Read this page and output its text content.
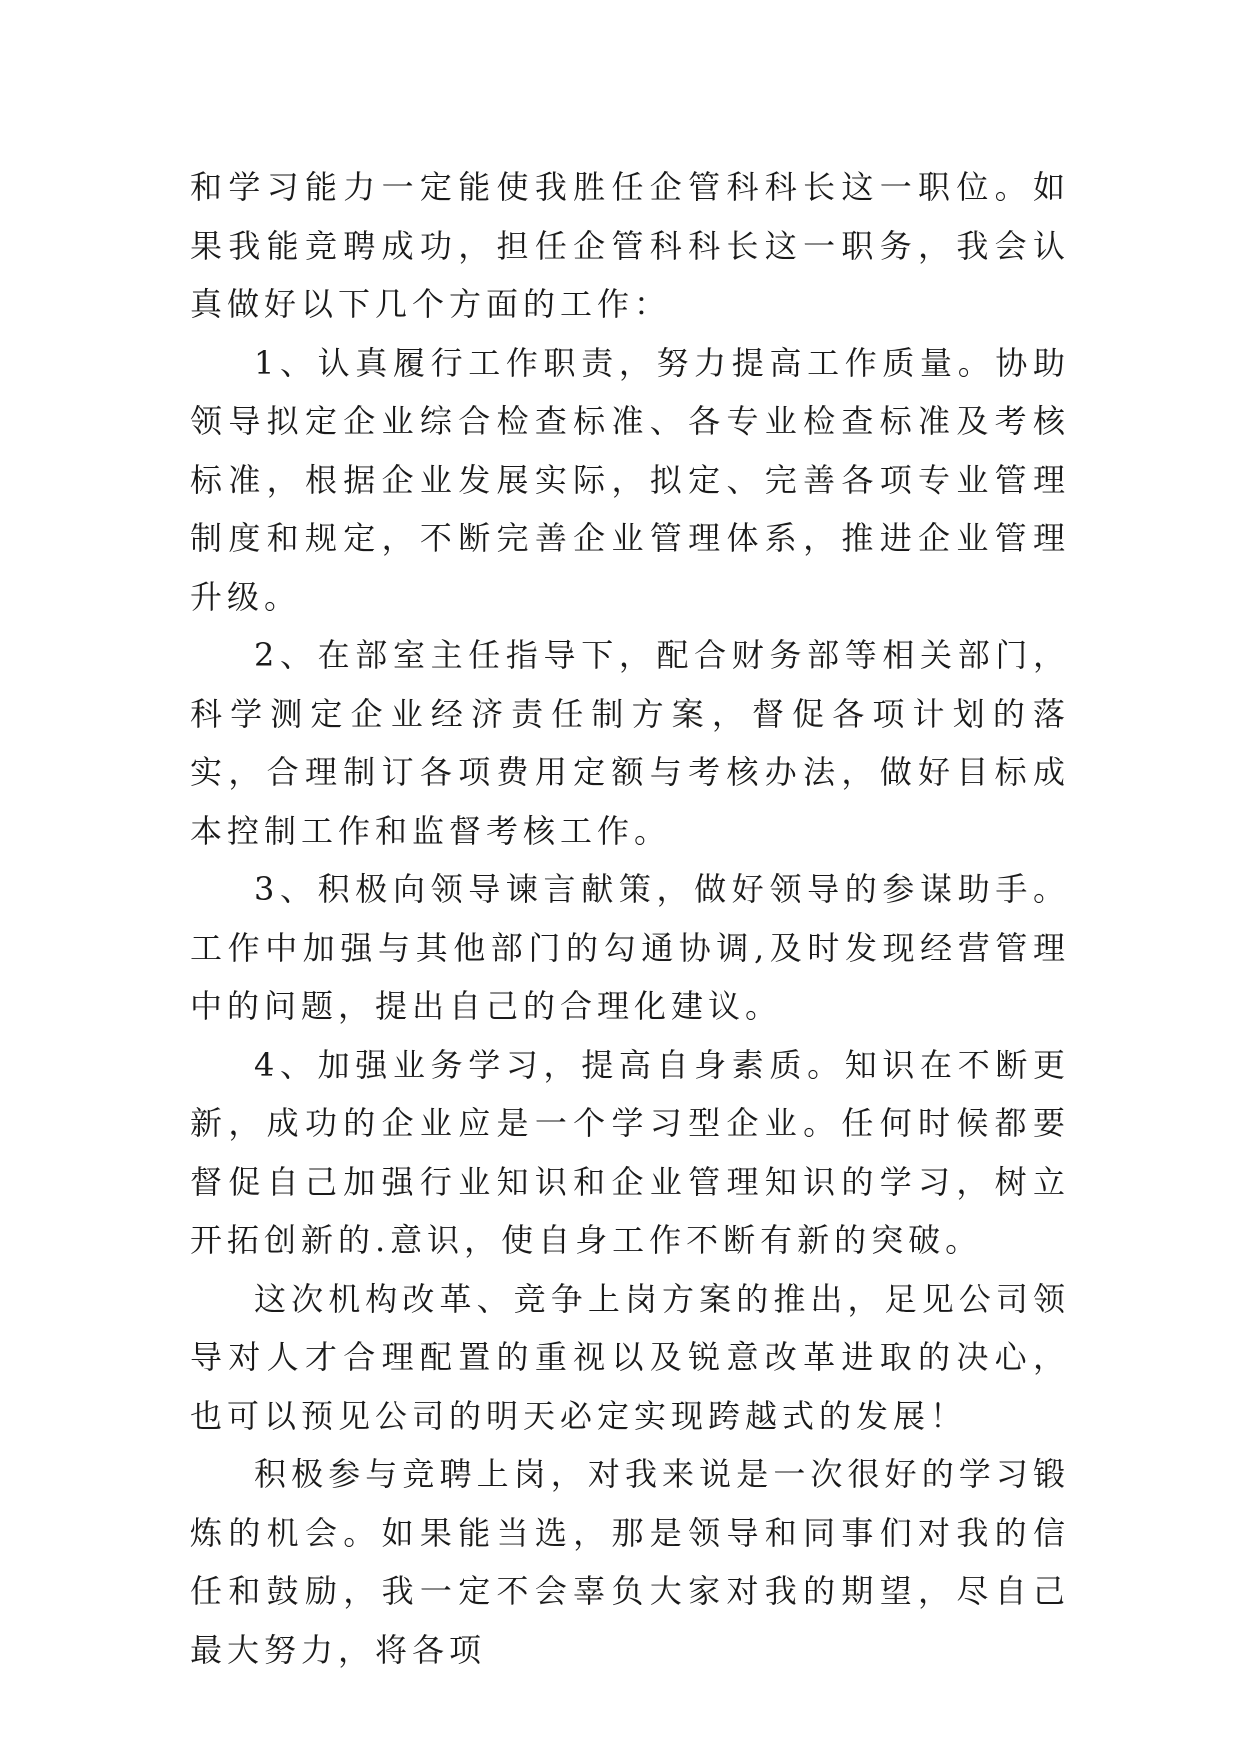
和学习能力一定能使我胜任企管科科长这一职位。如果我能竞聘成功，担任企管科科长这一职务，我会认真做好以下几个方面的工作：

1、认真履行工作职责，努力提高工作质量。协助领导拟定企业综合检查标准、各专业检查标准及考核标准，根据企业发展实际，拟定、完善各项专业管理制度和规定，不断完善企业管理体系，推进企业管理升级。

2、在部室主任指导下，配合财务部等相关部门，科学测定企业经济责任制方案，督促各项计划的落实，合理制订各项费用定额与考核办法，做好目标成本控制工作和监督考核工作。

3、积极向领导谏言献策，做好领导的参谋助手。工作中加强与其他部门的勾通协调,及时发现经营管理中的问题，提出自己的合理化建议。

4、加强业务学习，提高自身素质。知识在不断更新，成功的企业应是一个学习型企业。任何时候都要督促自己加强行业知识和企业管理知识的学习，树立开拓创新的.意识，使自身工作不断有新的突破。

这次机构改革、竞争上岗方案的推出，足见公司领导对人才合理配置的重视以及锐意改革进取的决心，也可以预见公司的明天必定实现跨越式的发展！

积极参与竞聘上岗，对我来说是一次很好的学习锻炼的机会。如果能当选，那是领导和同事们对我的信任和鼓励，我一定不会辜负大家对我的期望，尽自己最大努力，将各项
